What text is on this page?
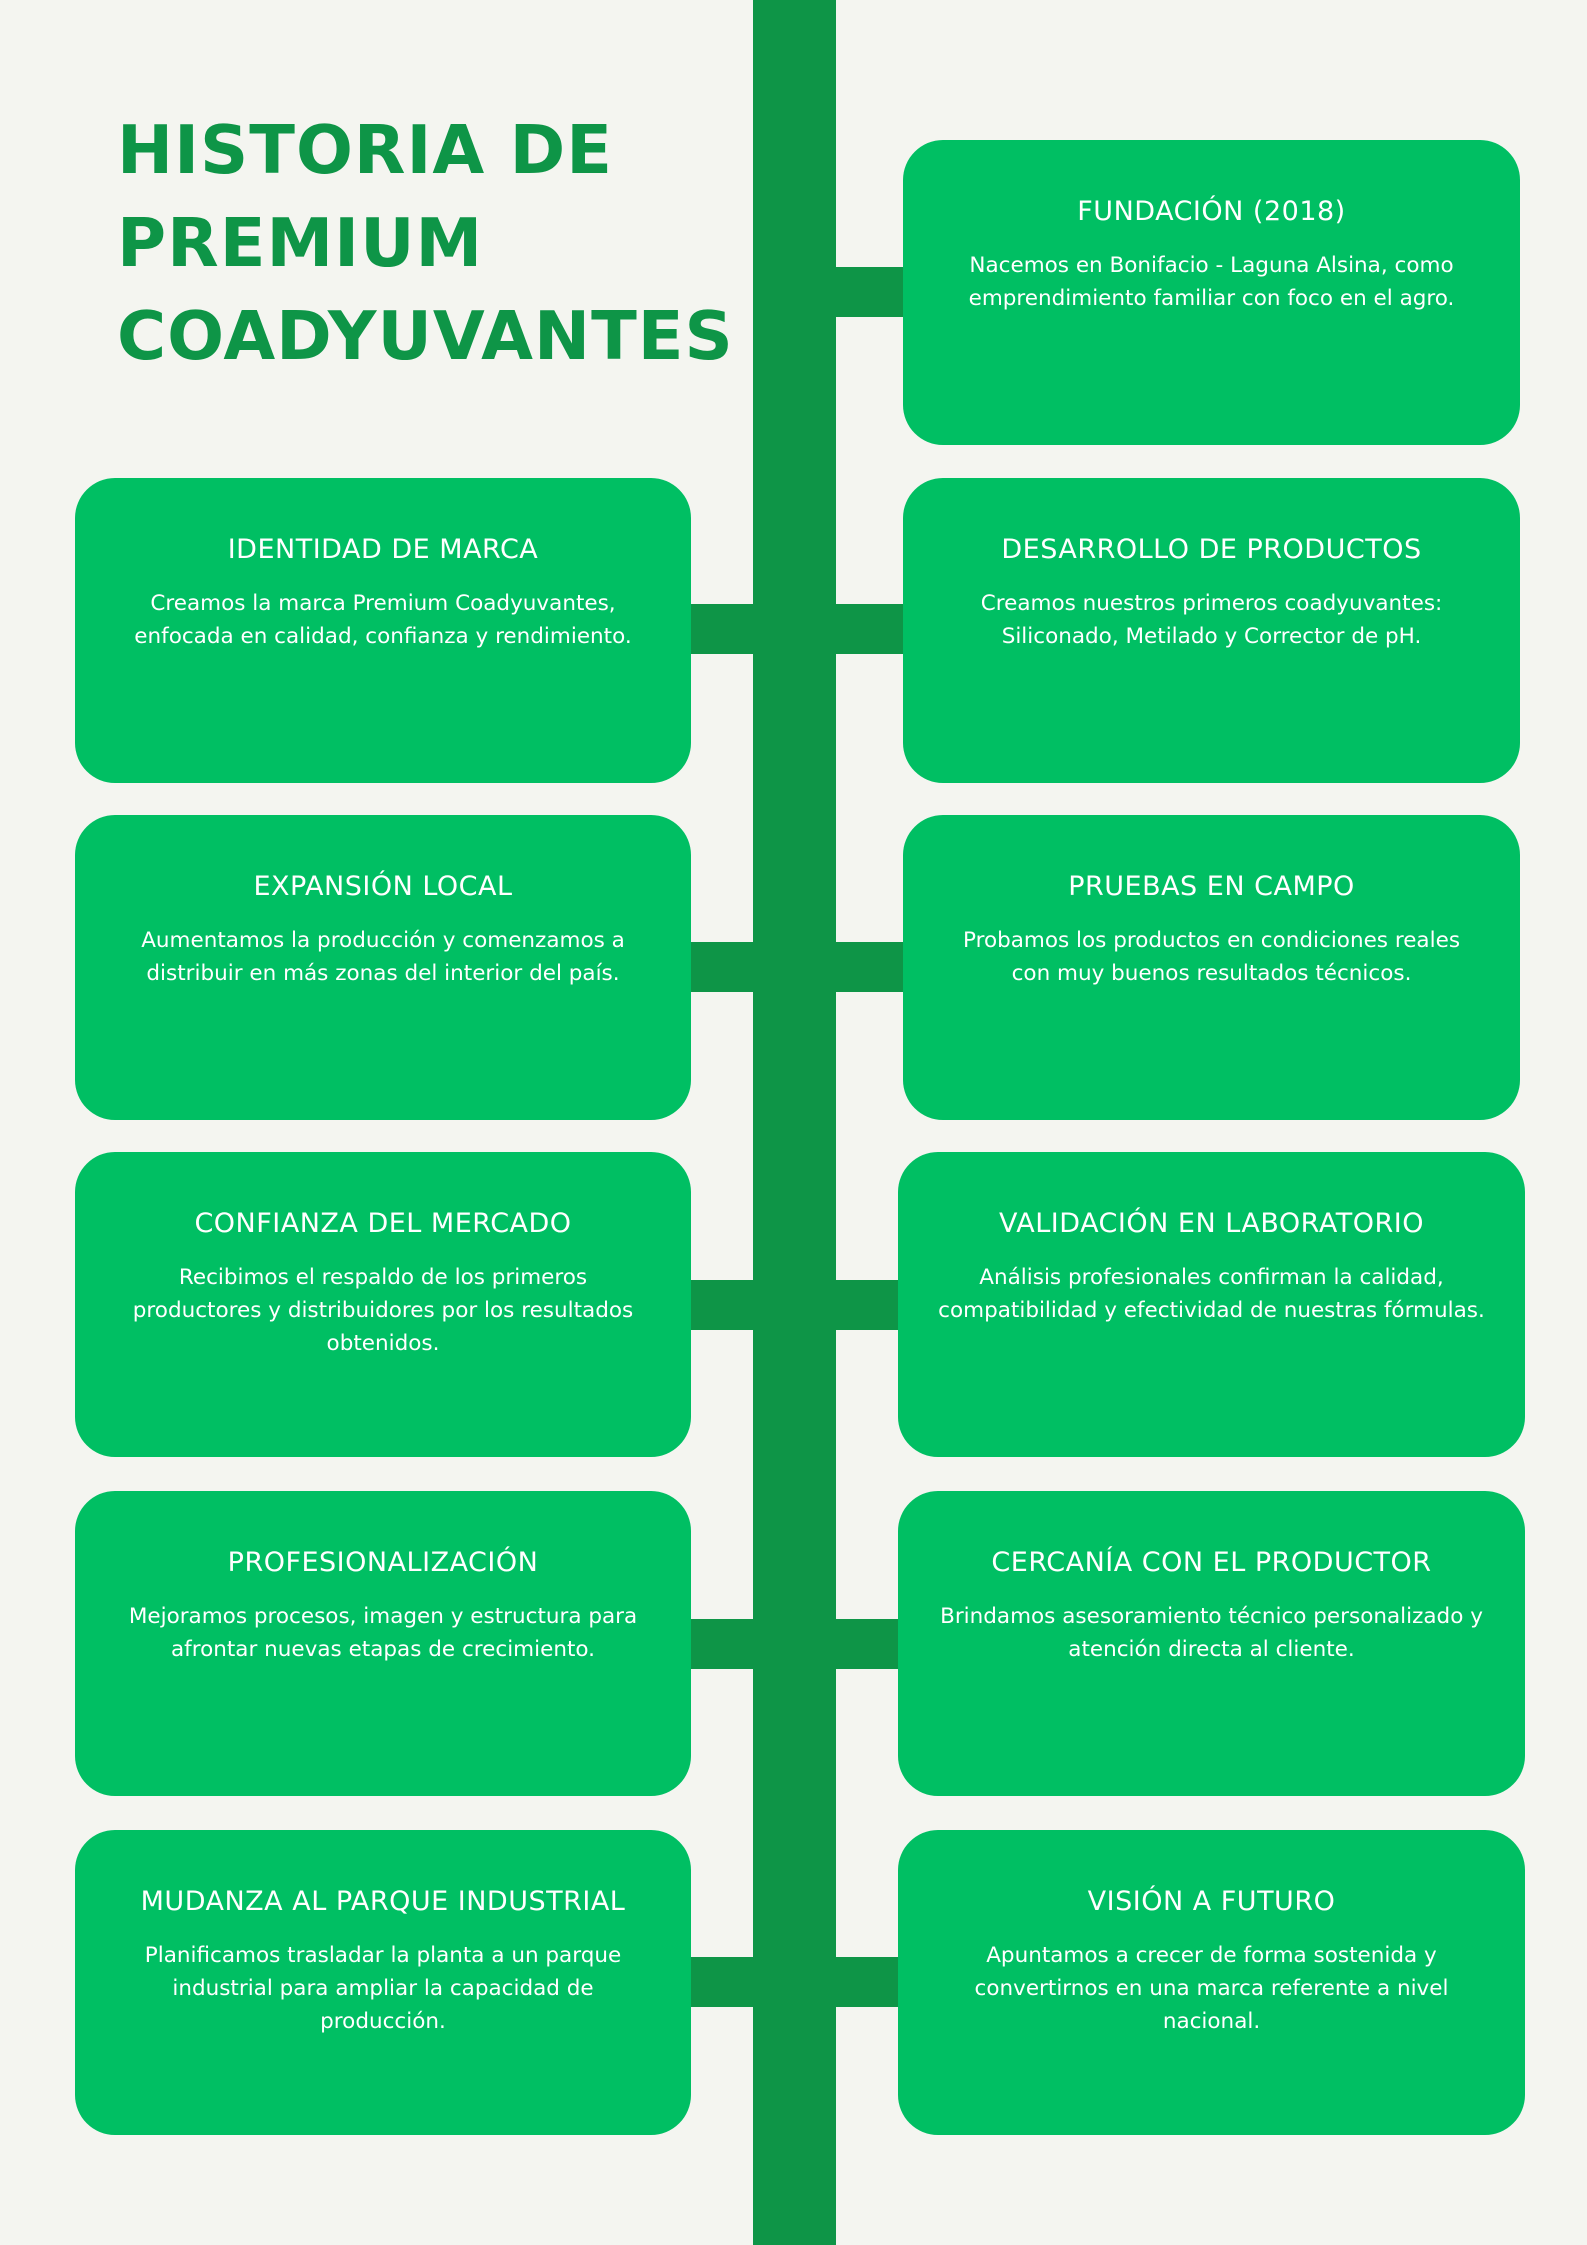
HISTORIA DE
PREMIUM
COADYUVANTES
FUNDACIÓN (2018)
Nacemos en Bonifacio - Laguna Alsina, como emprendimiento familiar con foco en el agro.
IDENTIDAD DE MARCA
Creamos la marca Premium Coadyuvantes, enfocada en calidad, confianza y rendimiento.
DESARROLLO DE PRODUCTOS
Creamos nuestros primeros coadyuvantes: Siliconado, Metilado y Corrector de pH.
EXPANSIÓN LOCAL
Aumentamos la producción y comenzamos a distribuir en más zonas del interior del país.
PRUEBAS EN CAMPO
Probamos los productos en condiciones reales con muy buenos resultados técnicos.
CONFIANZA DEL MERCADO
Recibimos el respaldo de los primeros productores y distribuidores por los resultados obtenidos.
VALIDACIÓN EN LABORATORIO
Análisis profesionales confirman la calidad, compatibilidad y efectividad de nuestras fórmulas.
PROFESIONALIZACIÓN
Mejoramos procesos, imagen y estructura para afrontar nuevas etapas de crecimiento.
CERCANÍA CON EL PRODUCTOR
Brindamos asesoramiento técnico personalizado y atención directa al cliente.
MUDANZA AL PARQUE INDUSTRIAL
Planificamos trasladar la planta a un parque industrial para ampliar la capacidad de producción.
VISIÓN A FUTURO
Apuntamos a crecer de forma sostenida y convertirnos en una marca referente a nivel nacional.
